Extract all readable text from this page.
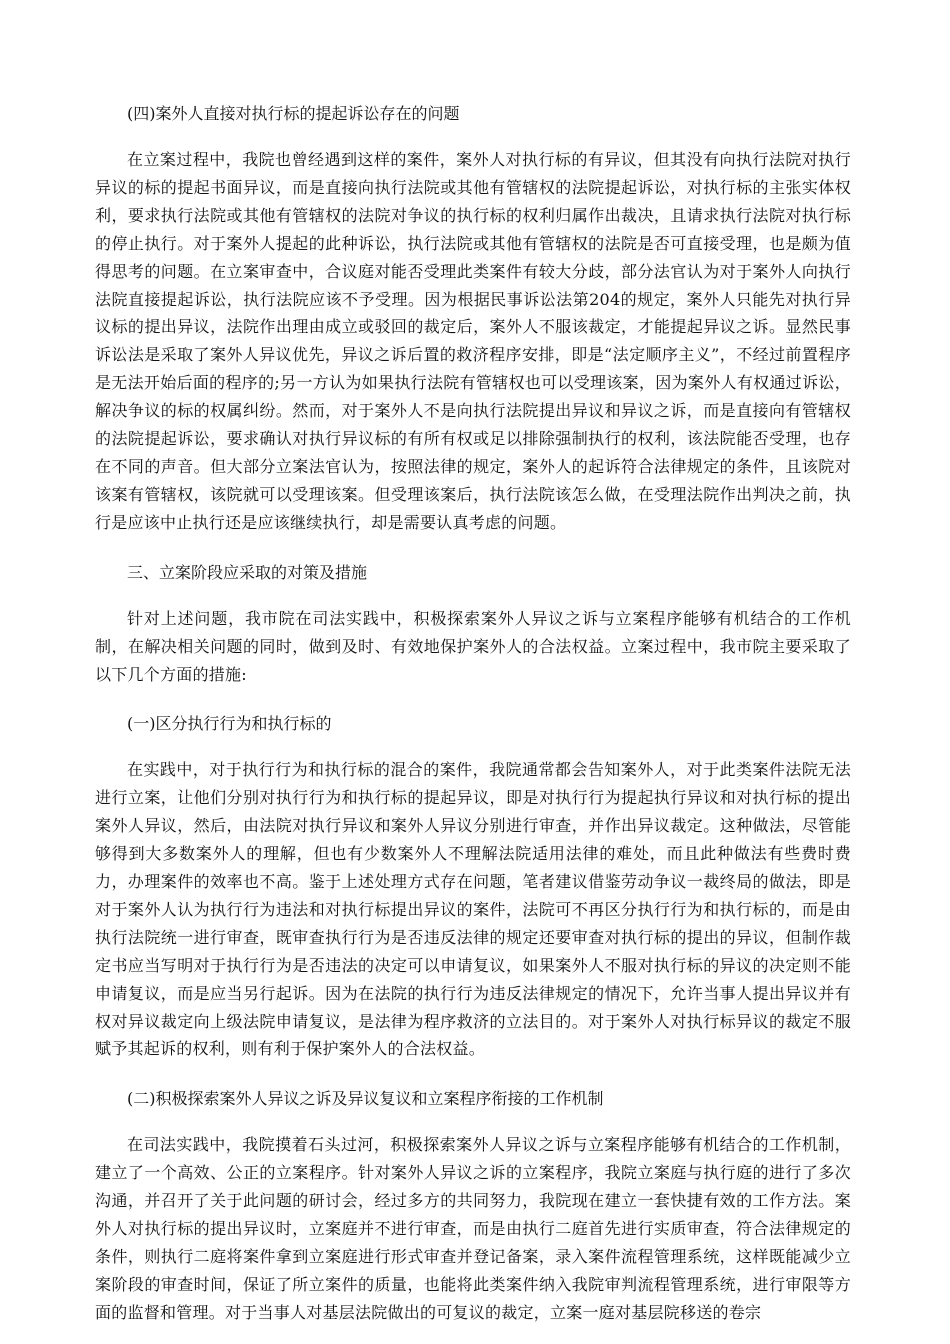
(四)案外人直接对执行标的提起诉讼存在的问题

在立案过程中，我院也曾经遇到这样的案件，案外人对执行标的有异议，但其没有向执行法院对执行异议的标的提起书面异议，而是直接向执行法院或其他有管辖权的法院提起诉讼，对执行标的主张实体权利，要求执行法院或其他有管辖权的法院对争议的执行标的权利归属作出裁决，且请求执行法院对执行标的停止执行。对于案外人提起的此种诉讼，执行法院或其他有管辖权的法院是否可直接受理，也是颇为值得思考的问题。在立案审查中，合议庭对能否受理此类案件有较大分歧，部分法官认为对于案外人向执行法院直接提起诉讼，执行法院应该不予受理。因为根据民事诉讼法第204的规定，案外人只能先对执行异议标的提出异议，法院作出理由成立或驳回的裁定后，案外人不服该裁定，才能提起异议之诉。显然民事诉讼法是采取了案外人异议优先，异议之诉后置的救济程序安排，即是“法定顺序主义”，不经过前置程序是无法开始后面的程序的;另一方认为如果执行法院有管辖权也可以受理该案，因为案外人有权通过诉讼，解决争议的标的权属纠纷。然而，对于案外人不是向执行法院提出异议和异议之诉，而是直接向有管辖权的法院提起诉讼，要求确认对执行异议标的有所有权或足以排除强制执行的权利，该法院能否受理，也存在不同的声音。但大部分立案法官认为，按照法律的规定，案外人的起诉符合法律规定的条件，且该院对该案有管辖权，该院就可以受理该案。但受理该案后，执行法院该怎么做，在受理法院作出判决之前，执行是应该中止执行还是应该继续执行，却是需要认真考虑的问题。

三、立案阶段应采取的对策及措施

针对上述问题，我市院在司法实践中，积极探索案外人异议之诉与立案程序能够有机结合的工作机制，在解决相关问题的同时，做到及时、有效地保护案外人的合法权益。立案过程中，我市院主要采取了以下几个方面的措施:

(一)区分执行行为和执行标的

在实践中，对于执行行为和执行标的混合的案件，我院通常都会告知案外人，对于此类案件法院无法进行立案，让他们分别对执行行为和执行标的提起异议，即是对执行行为提起执行异议和对执行标的提出案外人异议，然后，由法院对执行异议和案外人异议分别进行审查，并作出异议裁定。这种做法，尽管能够得到大多数案外人的理解，但也有少数案外人不理解法院适用法律的难处，而且此种做法有些费时费力，办理案件的效率也不高。鉴于上述处理方式存在问题，笔者建议借鉴劳动争议一裁终局的做法，即是对于案外人认为执行行为违法和对执行标提出异议的案件，法院可不再区分执行行为和执行标的，而是由执行法院统一进行审查，既审查执行行为是否违反法律的规定还要审查对执行标的提出的异议，但制作裁定书应当写明对于执行行为是否违法的决定可以申请复议，如果案外人不服对执行标的异议的决定则不能申请复议，而是应当另行起诉。因为在法院的执行行为违反法律规定的情况下，允许当事人提出异议并有权对异议裁定向上级法院申请复议，是法律为程序救济的立法目的。对于案外人对执行标异议的裁定不服赋予其起诉的权利，则有利于保护案外人的合法权益。

(二)积极探索案外人异议之诉及异议复议和立案程序衔接的工作机制

在司法实践中，我院摸着石头过河，积极探索案外人异议之诉与立案程序能够有机结合的工作机制，建立了一个高效、公正的立案程序。针对案外人异议之诉的立案程序，我院立案庭与执行庭的进行了多次沟通，并召开了关于此问题的研讨会，经过多方的共同努力，我院现在建立一套快捷有效的工作方法。案外人对执行标的提出异议时，立案庭并不进行审查，而是由执行二庭首先进行实质审查，符合法律规定的条件，则执行二庭将案件拿到立案庭进行形式审查并登记备案，录入案件流程管理系统，这样既能减少立案阶段的审查时间，保证了所立案件的质量，也能将此类案件纳入我院审判流程管理系统，进行审限等方面的监督和管理。对于当事人对基层法院做出的可复议的裁定，立案一庭对基层院移送的卷宗
